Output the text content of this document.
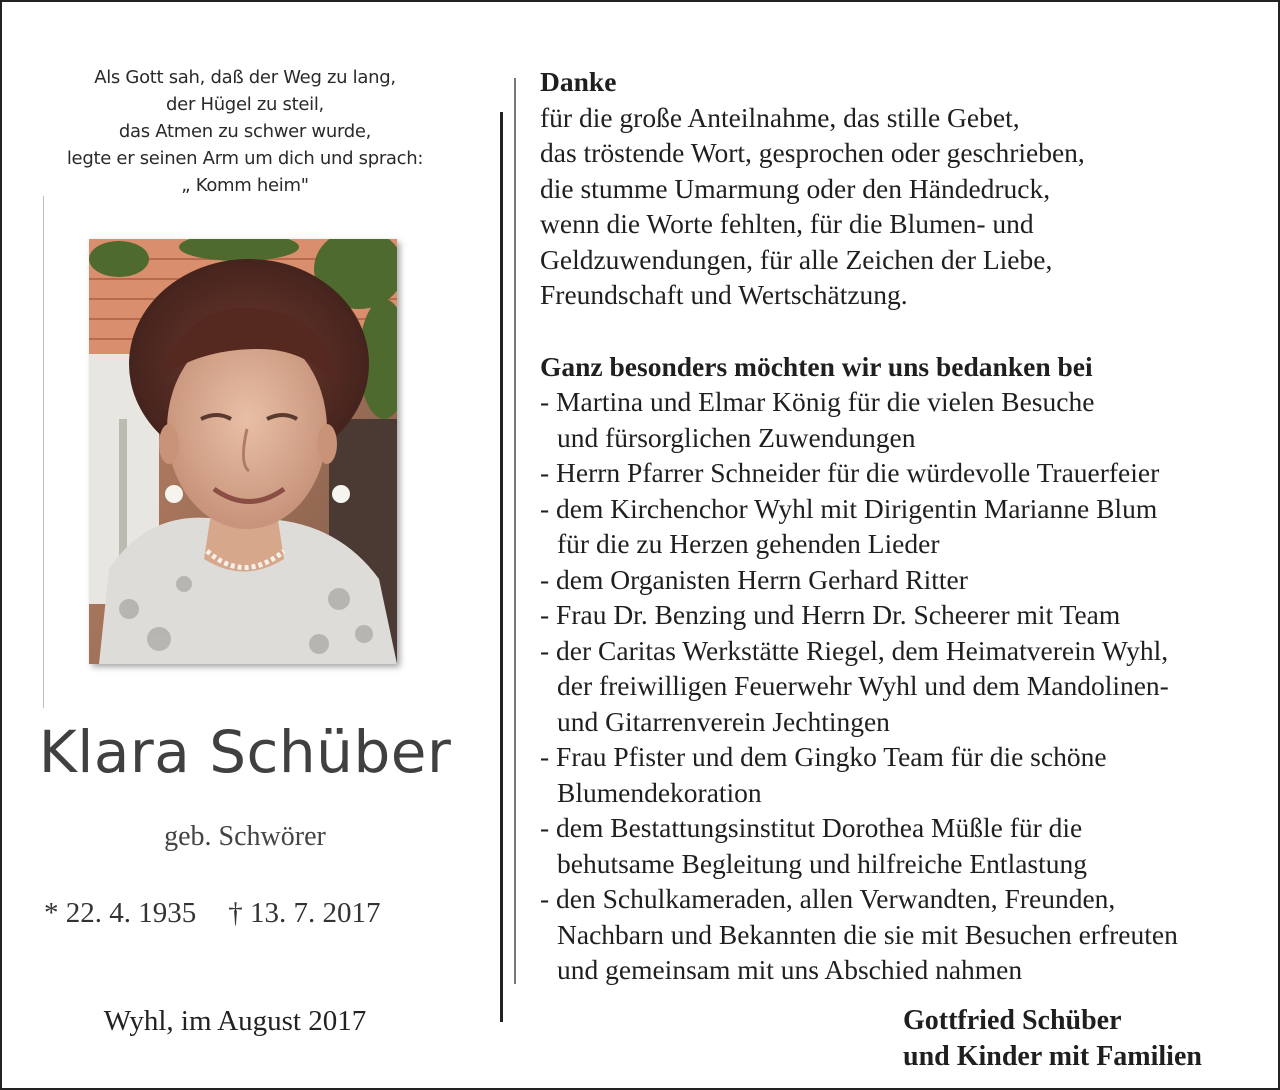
Als Gott sah, daß der Weg zu lang,
der Hügel zu steil,
das Atmen zu schwer wurde,
legte er seinen Arm um dich und sprach:
„ Komm heim"
Klara Schüber
geb. Schwörer
* 22. 4. 1935 † 13. 7. 2017
Wyhl, im August 2017
Danke
für die große Anteilnahme, das stille Gebet,
das tröstende Wort, gesprochen oder geschrieben,
die stumme Umarmung oder den Händedruck,
wenn die Worte fehlten, für die Blumen- und
Geldzuwendungen, für alle Zeichen der Liebe,
Freundschaft und Wertschätzung.
Ganz besonders möchten wir uns bedanken bei
- Martina und Elmar König für die vielen Besuche
und fürsorglichen Zuwendungen
- Herrn Pfarrer Schneider für die würdevolle Trauerfeier
- dem Kirchenchor Wyhl mit Dirigentin Marianne Blum
für die zu Herzen gehenden Lieder
- dem Organisten Herrn Gerhard Ritter
- Frau Dr. Benzing und Herrn Dr. Scheerer mit Team
- der Caritas Werkstätte Riegel, dem Heimatverein Wyhl,
der freiwilligen Feuerwehr Wyhl und dem Mandolinen-
und Gitarrenverein Jechtingen
- Frau Pfister und dem Gingko Team für die schöne
Blumendekoration
- dem Bestattungsinstitut Dorothea Müßle für die
behutsame Begleitung und hilfreiche Entlastung
- den Schulkameraden, allen Verwandten, Freunden,
Nachbarn und Bekannten die sie mit Besuchen erfreuten
und gemeinsam mit uns Abschied nahmen
Gottfried Schüber
und Kinder mit Familien
